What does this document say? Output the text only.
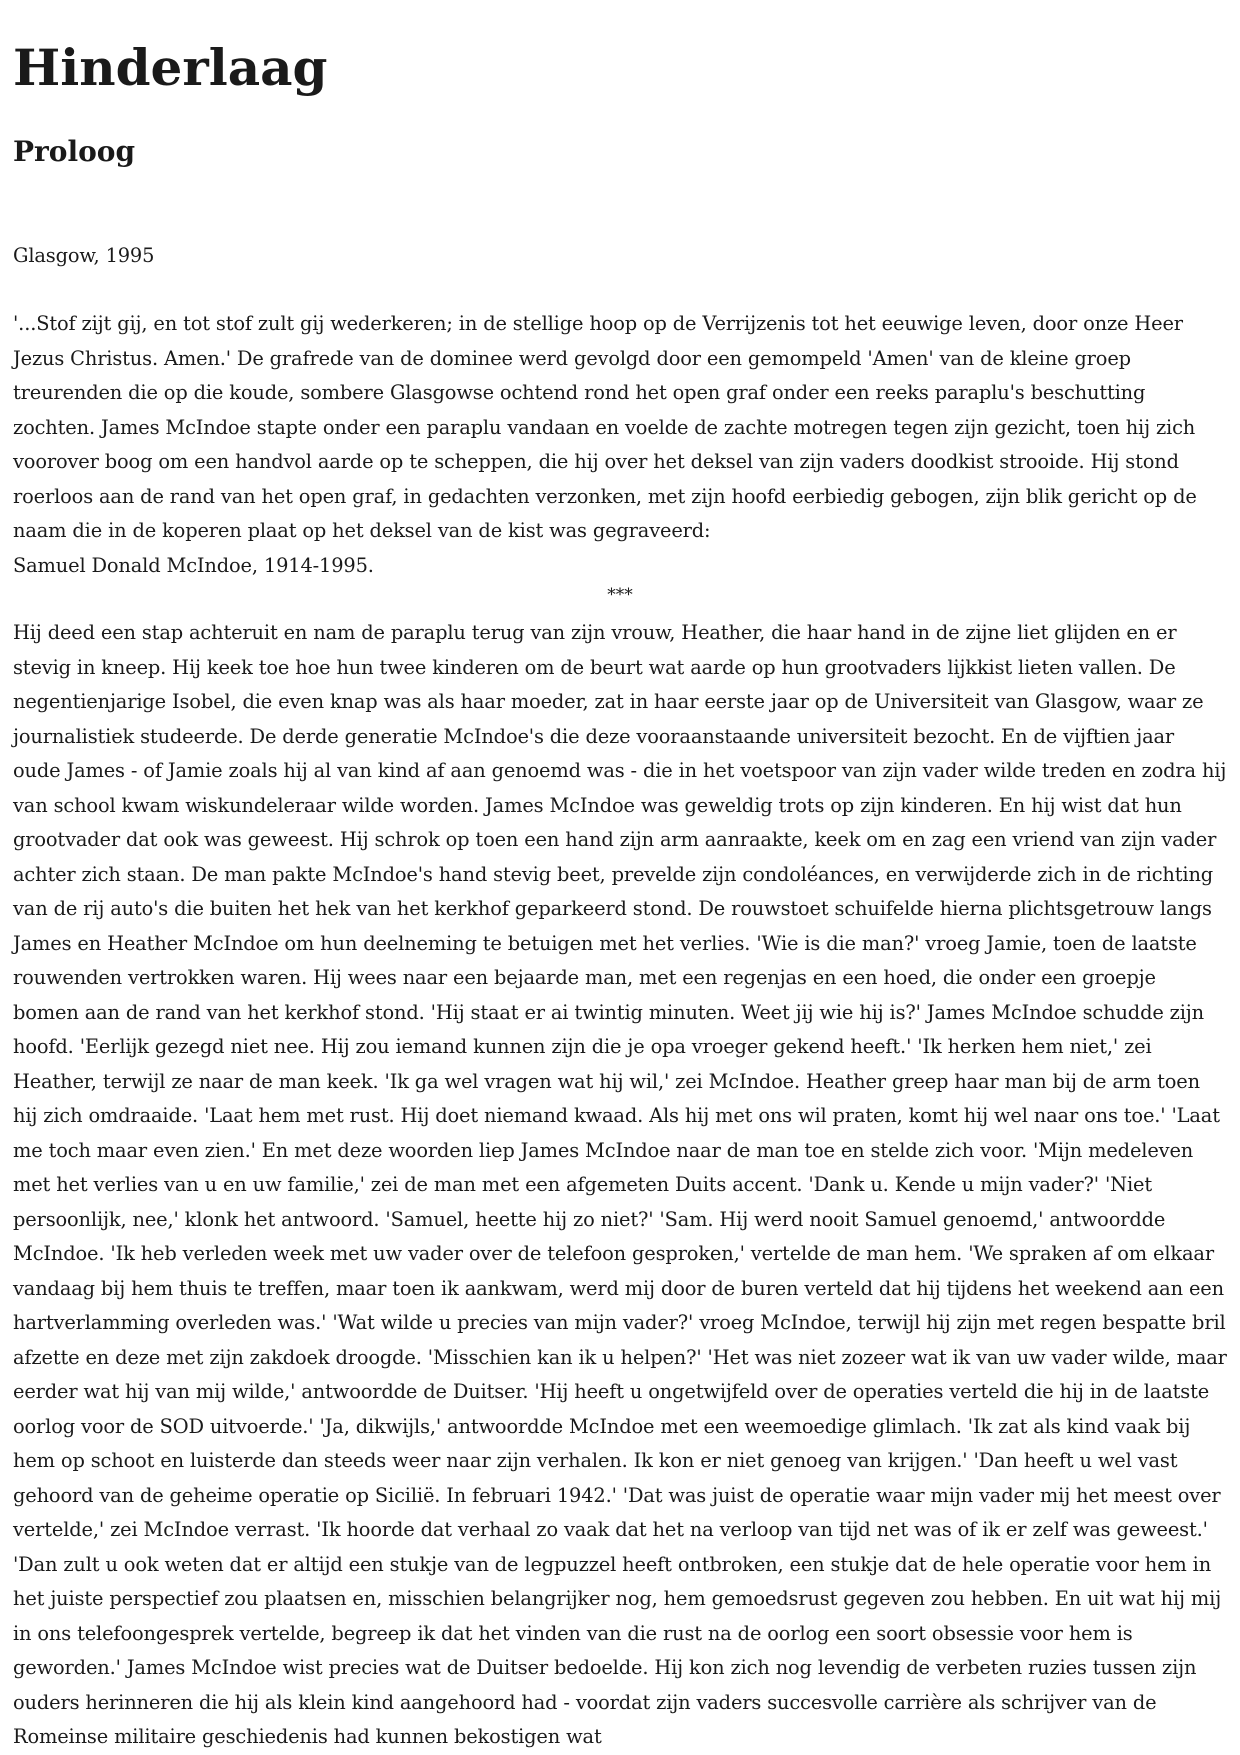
Hinderlaag
Proloog

Glasgow, 1995

'...Stof zijt gij, en tot stof zult gij wederkeren; in de stellige hoop op de Verrijzenis tot het eeuwige leven, door onze Heer Jezus Christus. Amen.' De grafrede van de dominee werd gevolgd door een gemompeld 'Amen' van de kleine groep treurenden die op die koude, sombere Glasgowse ochtend rond het open graf onder een reeks paraplu's beschutting zochten. James McIndoe stapte onder een paraplu vandaan en voelde de zachte motregen tegen zijn gezicht, toen hij zich voorover boog om een handvol aarde op te scheppen, die hij over het deksel van zijn vaders doodkist strooide. Hij stond roerloos aan de rand van het open graf, in gedachten verzonken, met zijn hoofd eerbiedig gebogen, zijn blik gericht op de naam die in de koperen plaat op het deksel van de kist was gegraveerd:
Samuel Donald McIndoe, 1914-1995.

***

Hij deed een stap achteruit en nam de paraplu terug van zijn vrouw, Heather, die haar hand in de zijne liet glijden en er stevig in kneep. Hij keek toe hoe hun twee kinderen om de beurt wat aarde op hun grootvaders lijkkist lieten vallen. De negentienjarige Isobel, die even knap was als haar moeder, zat in haar eerste jaar op de Universiteit van Glasgow, waar ze journalistiek studeerde. De derde generatie McIndoe's die deze vooraanstaande universiteit bezocht. En de vijftien jaar oude James - of Jamie zoals hij al van kind af aan genoemd was - die in het voetspoor van zijn vader wilde treden en zodra hij van school kwam wiskundeleraar wilde worden. James McIndoe was geweldig trots op zijn kinderen. En hij wist dat hun grootvader dat ook was geweest. Hij schrok op toen een hand zijn arm aanraakte, keek om en zag een vriend van zijn vader achter zich staan. De man pakte McIndoe's hand stevig beet, prevelde zijn condoléances, en verwijderde zich in de richting van de rij auto's die buiten het hek van het kerkhof geparkeerd stond. De rouwstoet schuifelde hierna plichtsgetrouw langs James en Heather McIndoe om hun deelneming te betuigen met het verlies. 'Wie is die man?' vroeg Jamie, toen de laatste rouwenden vertrokken waren. Hij wees naar een bejaarde man, met een regenjas en een hoed, die onder een groepje bomen aan de rand van het kerkhof stond. 'Hij staat er ai twintig minuten. Weet jij wie hij is?' James McIndoe schudde zijn hoofd. 'Eerlijk gezegd niet nee. Hij zou iemand kunnen zijn die je opa vroeger gekend heeft.' 'Ik herken hem niet,' zei Heather, terwijl ze naar de man keek. 'Ik ga wel vragen wat hij wil,' zei McIndoe. Heather greep haar man bij de arm toen hij zich omdraaide. 'Laat hem met rust. Hij doet niemand kwaad. Als hij met ons wil praten, komt hij wel naar ons toe.' 'Laat me toch maar even zien.' En met deze woorden liep James McIndoe naar de man toe en stelde zich voor. 'Mijn medeleven met het verlies van u en uw familie,' zei de man met een afgemeten Duits accent. 'Dank u. Kende u mijn vader?' 'Niet persoonlijk, nee,' klonk het antwoord. 'Samuel, heette hij zo niet?' 'Sam. Hij werd nooit Samuel genoemd,' antwoordde McIndoe. 'Ik heb verleden week met uw vader over de telefoon gesproken,' vertelde de man hem. 'We spraken af om elkaar vandaag bij hem thuis te treffen, maar toen ik aankwam, werd mij door de buren verteld dat hij tijdens het weekend aan een hartverlamming overleden was.' 'Wat wilde u precies van mijn vader?' vroeg McIndoe, terwijl hij zijn met regen bespatte bril afzette en deze met zijn zakdoek droogde. 'Misschien kan ik u helpen?' 'Het was niet zozeer wat ik van uw vader wilde, maar eerder wat hij van mij wilde,' antwoordde de Duitser. 'Hij heeft u ongetwijfeld over de operaties verteld die hij in de laatste oorlog voor de SOD uitvoerde.' 'Ja, dikwijls,' antwoordde McIndoe met een weemoedige glimlach. 'Ik zat als kind vaak bij hem op schoot en luisterde dan steeds weer naar zijn verhalen. Ik kon er niet genoeg van krijgen.' 'Dan heeft u wel vast gehoord van de geheime operatie op Sicilië. In februari 1942.' 'Dat was juist de operatie waar mijn vader mij het meest over vertelde,' zei McIndoe verrast. 'Ik hoorde dat verhaal zo vaak dat het na verloop van tijd net was of ik er zelf was geweest.' 'Dan zult u ook weten dat er altijd een stukje van de legpuzzel heeft ontbroken, een stukje dat de hele operatie voor hem in het juiste perspectief zou plaatsen en, misschien belangrijker nog, hem gemoedsrust gegeven zou hebben. En uit wat hij mij in ons telefoongesprek vertelde, begreep ik dat het vinden van die rust na de oorlog een soort obsessie voor hem is geworden.' James McIndoe wist precies wat de Duitser bedoelde. Hij kon zich nog levendig de verbeten ruzies tussen zijn ouders herinneren die hij als klein kind aangehoord had - voordat zijn vaders succesvolle carrière als schrijver van de Romeinse militaire geschiedenis had kunnen bekostigen wat
